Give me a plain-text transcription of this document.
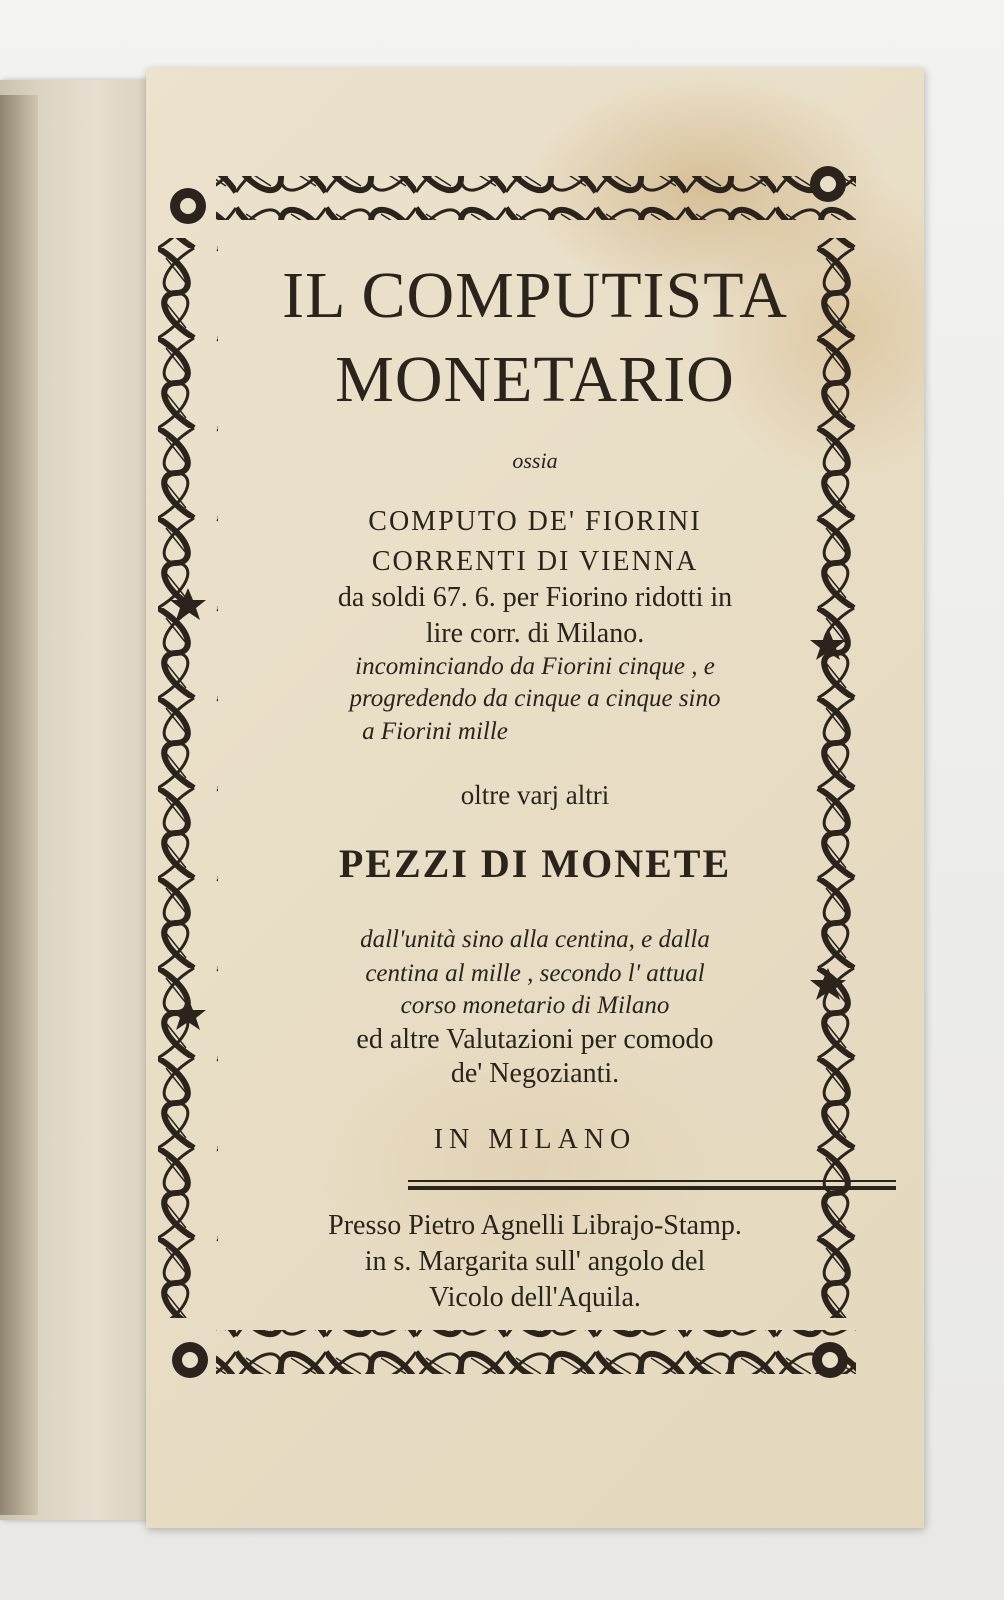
IL COMPUTISTA
MONETARIO
ossia
COMPUTO DE' FIORINI
CORRENTI DI VIENNA
da soldi 67. 6. per Fiorino ridotti in
lire corr. di Milano.
incominciando da Fiorini cinque , e
progredendo da cinque a cinque sino
a Fiorini mille
oltre varj altri
PEZZI DI MONETE
dall'unità sino alla centina, e dalla
centina al mille , secondo l' attual
corso monetario di Milano
ed altre Valutazioni per comodo
de' Negozianti.
IN MILANO
Presso Pietro Agnelli Librajo-Stamp.
in s. Margarita sull' angolo del
Vicolo dell'Aquila.
